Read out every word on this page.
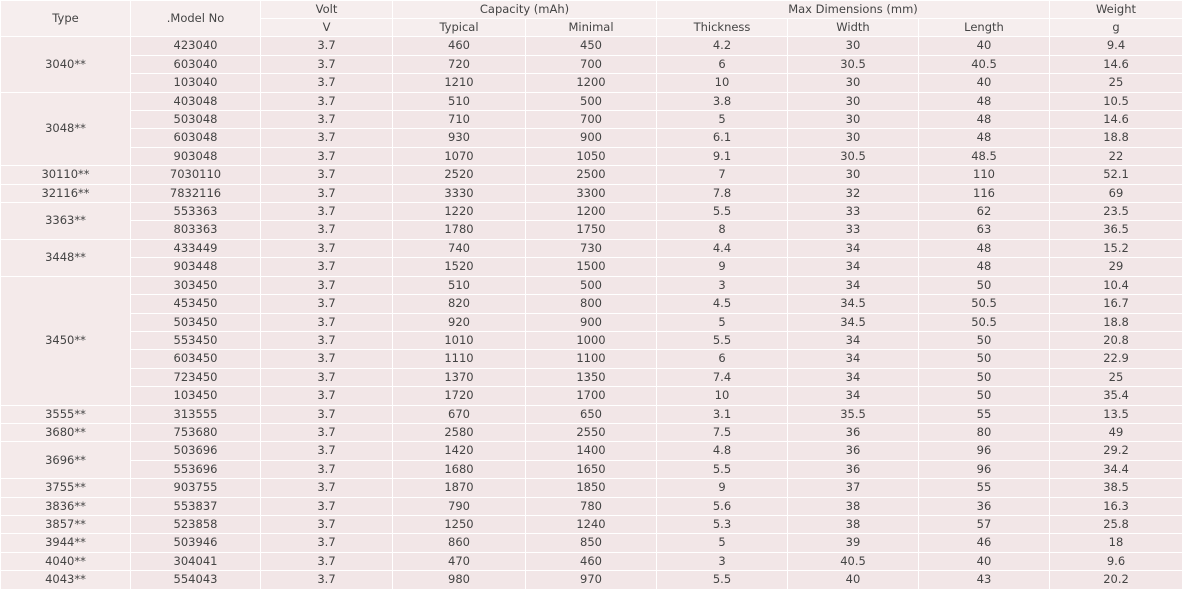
Type	.Model No	Volt	Capacity (mAh)		Max Dimensions (mm)			Weight
		V	Typical	Minimal	Thickness	Width	Length	g
3040**	423040	3.7	460	450	4.2	30	40	9.4
	603040	3.7	720	700	6	30.5	40.5	14.6
	103040	3.7	1210	1200	10	30	40	25
3048**	403048	3.7	510	500	3.8	30	48	10.5
	503048	3.7	710	700	5	30	48	14.6
	603048	3.7	930	900	6.1	30	48	18.8
	903048	3.7	1070	1050	9.1	30.5	48.5	22
30110**	7030110	3.7	2520	2500	7	30	110	52.1
32116**	7832116	3.7	3330	3300	7.8	32	116	69
3363**	553363	3.7	1220	1200	5.5	33	62	23.5
	803363	3.7	1780	1750	8	33	63	36.5
3448**	433449	3.7	740	730	4.4	34	48	15.2
	903448	3.7	1520	1500	9	34	48	29
3450**	303450	3.7	510	500	3	34	50	10.4
	453450	3.7	820	800	4.5	34.5	50.5	16.7
	503450	3.7	920	900	5	34.5	50.5	18.8
	553450	3.7	1010	1000	5.5	34	50	20.8
	603450	3.7	1110	1100	6	34	50	22.9
	723450	3.7	1370	1350	7.4	34	50	25
	103450	3.7	1720	1700	10	34	50	35.4
3555**	313555	3.7	670	650	3.1	35.5	55	13.5
3680**	753680	3.7	2580	2550	7.5	36	80	49
3696**	503696	3.7	1420	1400	4.8	36	96	29.2
	553696	3.7	1680	1650	5.5	36	96	34.4
3755**	903755	3.7	1870	1850	9	37	55	38.5
3836**	553837	3.7	790	780	5.6	38	36	16.3
3857**	523858	3.7	1250	1240	5.3	38	57	25.8
3944**	503946	3.7	860	850	5	39	46	18
4040**	304041	3.7	470	460	3	40.5	40	9.6
4043**	554043	3.7	980	970	5.5	40	43	20.2
